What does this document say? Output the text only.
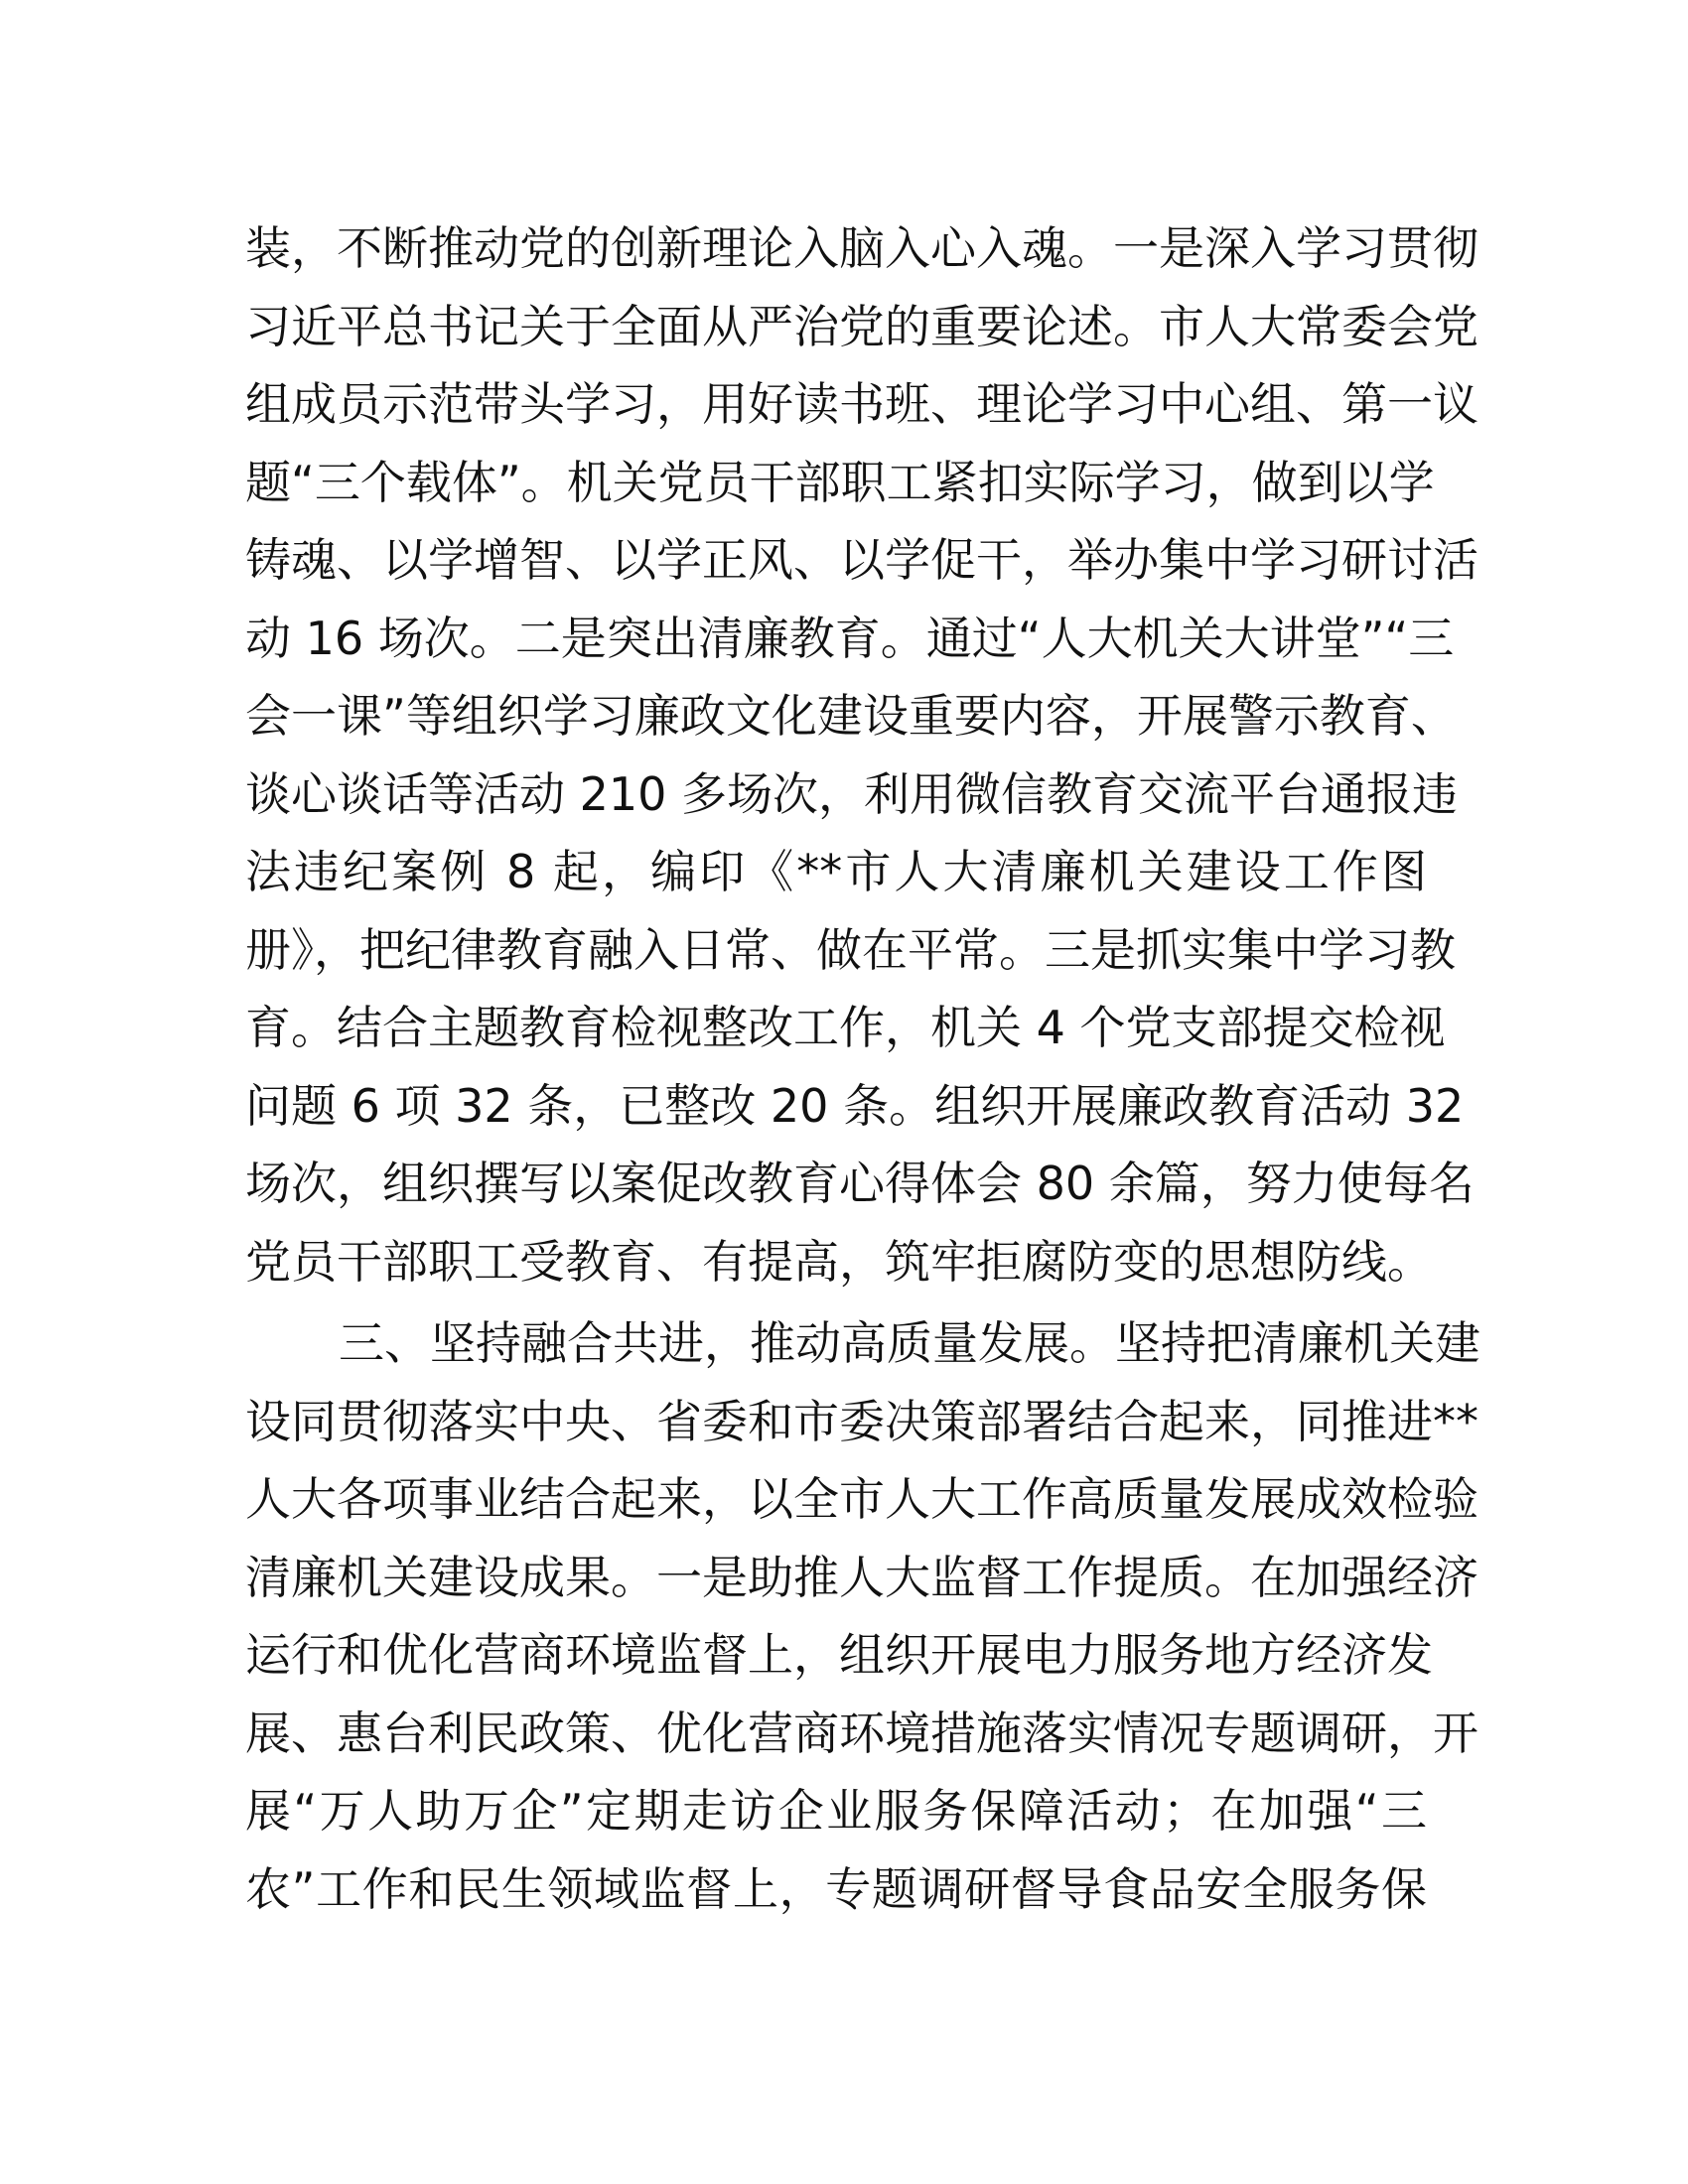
装，不断推动党的创新理论入脑入心入魂。一是深入学习贯彻
习近平总书记关于全面从严治党的重要论述。市人大常委会党
组成员示范带头学习，用好读书班、理论学习中心组、第一议
题“三个载体”。机关党员干部职工紧扣实际学习，做到以学
铸魂、以学增智、以学正风、以学促干，举办集中学习研讨活
动 16 场次。二是突出清廉教育。通过“人大机关大讲堂”“三
会一课”等组织学习廉政文化建设重要内容，开展警示教育、
谈心谈话等活动 210 多场次，利用微信教育交流平台通报违
法违纪案例 8 起，编印《**市人大清廉机关建设工作图
册》，把纪律教育融入日常、做在平常。三是抓实集中学习教
育。结合主题教育检视整改工作，机关 4 个党支部提交检视
问题 6 项 32 条，已整改 20 条。组织开展廉政教育活动 32
场次，组织撰写以案促改教育心得体会 80 余篇，努力使每名
党员干部职工受教育、有提高，筑牢拒腐防变的思想防线。

三、坚持融合共进，推动高质量发展。坚持把清廉机关建
设同贯彻落实中央、省委和市委决策部署结合起来，同推进**
人大各项事业结合起来，以全市人大工作高质量发展成效检验
清廉机关建设成果。一是助推人大监督工作提质。在加强经济
运行和优化营商环境监督上，组织开展电力服务地方经济发
展、惠台利民政策、优化营商环境措施落实情况专题调研，开
展“万人助万企”定期走访企业服务保障活动；在加强“三
农”工作和民生领域监督上，专题调研督导食品安全服务保
